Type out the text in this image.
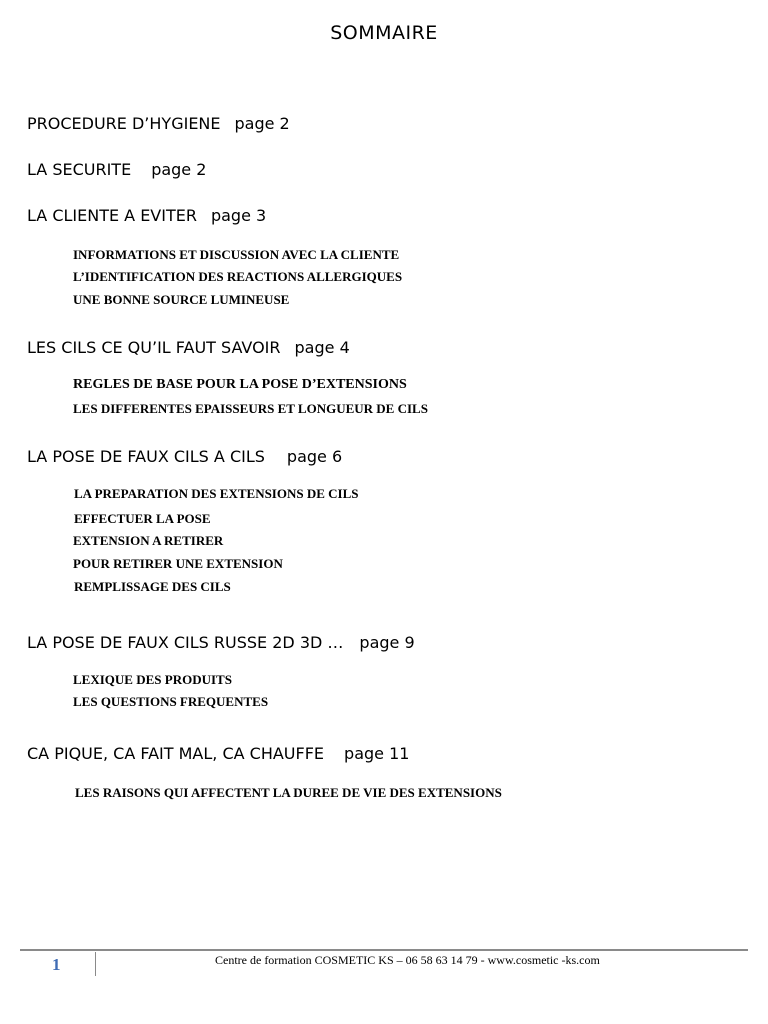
SOMMAIRE
PROCEDURE D’HYGIENE page 2
LA SECURITE page 2
LA CLIENTE A EVITER page 3
INFORMATIONS ET DISCUSSION AVEC LA CLIENTE
L’IDENTIFICATION DES REACTIONS ALLERGIQUES
UNE BONNE SOURCE LUMINEUSE
LES CILS CE QU’IL FAUT SAVOIR page 4
REGLES DE BASE POUR LA POSE D’EXTENSIONS
LES DIFFERENTES EPAISSEURS ET LONGUEUR DE CILS
LA POSE DE FAUX CILS A CILS page 6
LA PREPARATION DES EXTENSIONS DE CILS
EFFECTUER LA POSE
EXTENSION A RETIRER
POUR RETIRER UNE EXTENSION
REMPLISSAGE DES CILS
LA POSE DE FAUX CILS RUSSE 2D 3D … page 9
LEXIQUE DES PRODUITS
LES QUESTIONS FREQUENTES
CA PIQUE, CA FAIT MAL, CA CHAUFFE page 11
LES RAISONS QUI AFFECTENT LA DUREE DE VIE DES EXTENSIONS
1	Centre de formation COSMETIC KS – 06 58 63 14 79 - www.cosmetic -ks.com
